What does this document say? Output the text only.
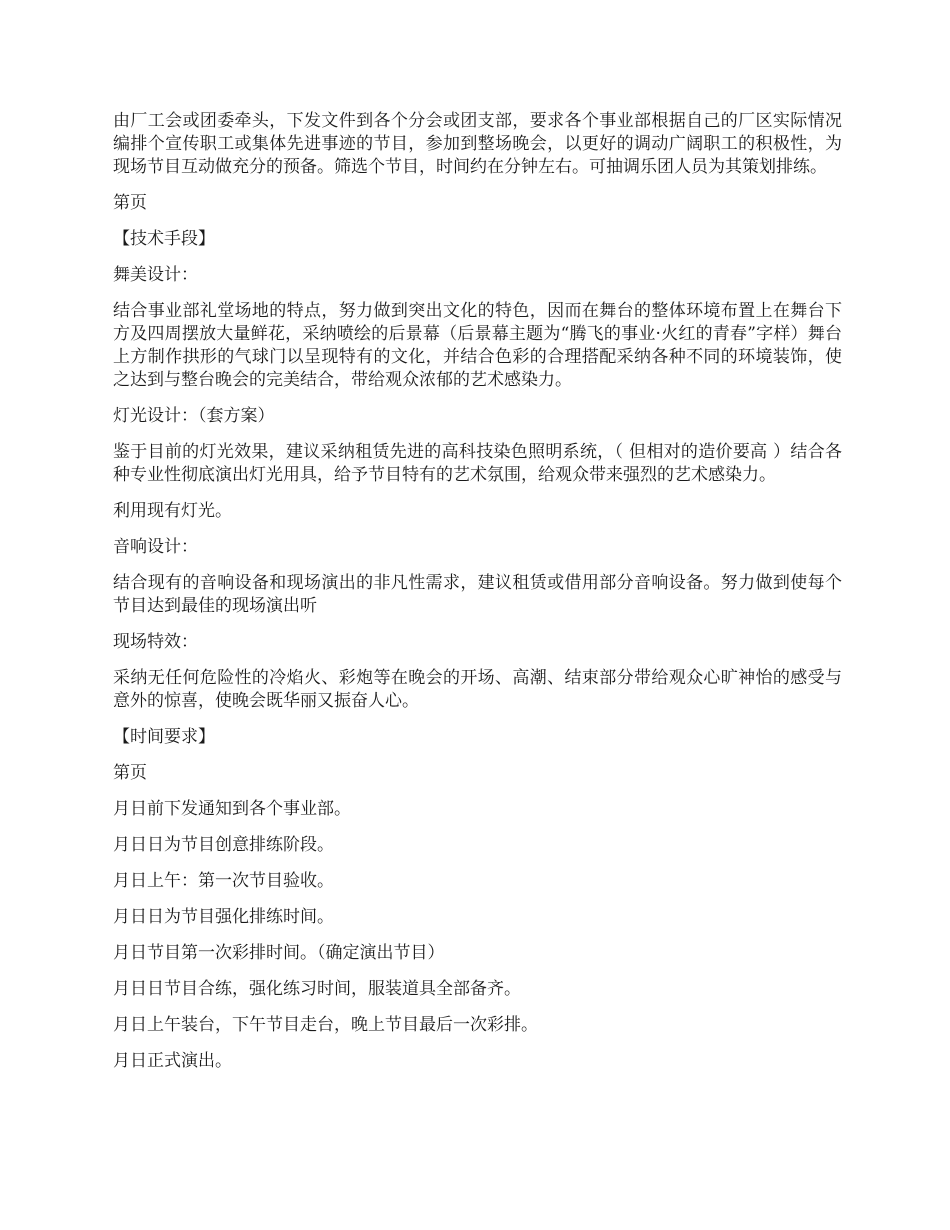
由厂工会或团委牵头，下发文件到各个分会或团支部，要求各个事业部根据自己的厂区实际情况编排个宣传职工或集体先进事迹的节目，参加到整场晚会，以更好的调动广阔职工的积极性，为现场节目互动做充分的预备。筛选个节目，时间约在分钟左右。可抽调乐团人员为其策划排练。

第页

【技术手段】

舞美设计：

结合事业部礼堂场地的特点，努力做到突出文化的特色，因而在舞台的整体环境布置上在舞台下方及四周摆放大量鲜花，采纳喷绘的后景幕（后景幕主题为“腾飞的事业·火红的青春”字样）舞台上方制作拱形的气球门以呈现特有的文化，并结合色彩的合理搭配采纳各种不同的环境装饰，使之达到与整台晚会的完美结合，带给观众浓郁的艺术感染力。

灯光设计：（套方案）

鉴于目前的灯光效果，建议采纳租赁先进的高科技染色照明系统，（ 但相对的造价要高 ）结合各种专业性彻底演出灯光用具，给予节目特有的艺术氛围，给观众带来强烈的艺术感染力。

利用现有灯光。

音响设计：

结合现有的音响设备和现场演出的非凡性需求，建议租赁或借用部分音响设备。努力做到使每个节目达到最佳的现场演出听

现场特效：

采纳无任何危险性的冷焰火、彩炮等在晚会的开场、高潮、结束部分带给观众心旷神怡的感受与意外的惊喜，使晚会既华丽又振奋人心。

【时间要求】

第页

月日前下发通知到各个事业部。

月日日为节目创意排练阶段。

月日上午：第一次节目验收。

月日日为节目强化排练时间。

月日节目第一次彩排时间。（确定演出节目）

月日日节目合练，强化练习时间，服装道具全部备齐。

月日上午装台，下午节目走台，晚上节目最后一次彩排。

月日正式演出。
